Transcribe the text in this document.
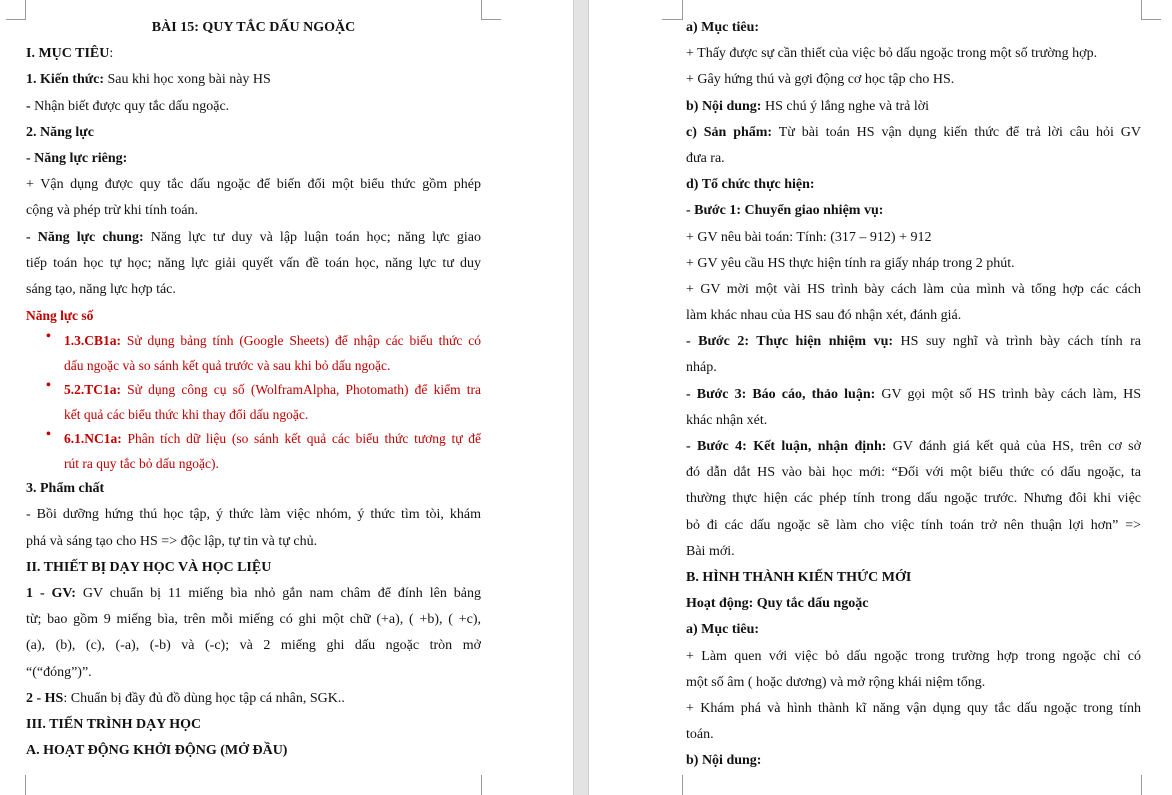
BÀI 15: QUY TẮC DẤU NGOẶC
I. MỤC TIÊU:
1. Kiến thức: Sau khi học xong bài này HS
- Nhận biết được quy tắc dấu ngoặc.
2. Năng lực
- Năng lực riêng:
+ Vận dụng được quy tắc dấu ngoặc để biến đổi một biểu thức gồm phép
cộng và phép trừ khi tính toán.
- Năng lực chung: Năng lực tư duy và lập luận toán học; năng lực giao
tiếp toán học tự học; năng lực giải quyết vấn đề toán học, năng lực tư duy
sáng tạo, năng lực hợp tác.
Năng lực số
• 1.3.CB1a: Sử dụng bảng tính (Google Sheets) để nhập các biểu thức có
dấu ngoặc và so sánh kết quả trước và sau khi bỏ dấu ngoặc.
• 5.2.TC1a: Sử dụng công cụ số (WolframAlpha, Photomath) để kiểm tra
kết quả các biểu thức khi thay đổi dấu ngoặc.
• 6.1.NC1a: Phân tích dữ liệu (so sánh kết quả các biểu thức tương tự để
rút ra quy tắc bỏ dấu ngoặc).
3. Phẩm chất
- Bồi dưỡng hứng thú học tập, ý thức làm việc nhóm, ý thức tìm tòi, khám
phá và sáng tạo cho HS => độc lập, tự tin và tự chủ.
II. THIẾT BỊ DẠY HỌC VÀ HỌC LIỆU
1 - GV: GV chuẩn bị 11 miếng bìa nhỏ gắn nam châm để đính lên bảng
từ; bao gồm 9 miếng bìa, trên mỗi miếng có ghi một chữ (+a), ( +b), ( +c),
(a), (b), (c), (-a), (-b) và (-c); và 2 miếng ghi dấu ngoặc tròn mở
“(“đóng”)”.
2 - HS: Chuẩn bị đầy đủ đồ dùng học tập cá nhân, SGK..
III. TIẾN TRÌNH DẠY HỌC
A. HOẠT ĐỘNG KHỞI ĐỘNG (MỞ ĐẦU)
a) Mục tiêu:
+ Thấy được sự cần thiết của việc bỏ dấu ngoặc trong một số trường hợp.
+ Gây hứng thú và gợi động cơ học tập cho HS.
b) Nội dung: HS chú ý lắng nghe và trả lời
c) Sản phẩm: Từ bài toán HS vận dụng kiến thức để trả lời câu hỏi GV
đưa ra.
d) Tổ chức thực hiện:
- Bước 1: Chuyển giao nhiệm vụ:
+ GV nêu bài toán: Tính: (317 – 912) + 912
+ GV yêu cầu HS thực hiện tính ra giấy nháp trong 2 phút.
+ GV mời một vài HS trình bày cách làm của mình và tổng hợp các cách
làm khác nhau của HS sau đó nhận xét, đánh giá.
- Bước 2: Thực hiện nhiệm vụ: HS suy nghĩ và trình bày cách tính ra
nháp.
- Bước 3: Báo cáo, thảo luận: GV gọi một số HS trình bày cách làm, HS
khác nhận xét.
- Bước 4: Kết luận, nhận định: GV đánh giá kết quả của HS, trên cơ sở
đó dẫn dắt HS vào bài học mới: “Đối với một biểu thức có dấu ngoặc, ta
thường thực hiện các phép tính trong dấu ngoặc trước. Nhưng đôi khi việc
bỏ đi các dấu ngoặc sẽ làm cho việc tính toán trở nên thuận lợi hơn” =>
Bài mới.
B. HÌNH THÀNH KIẾN THỨC MỚI
Hoạt động: Quy tắc dấu ngoặc
a) Mục tiêu:
+ Làm quen với việc bỏ dấu ngoặc trong trường hợp trong ngoặc chỉ có
một số âm ( hoặc dương) và mở rộng khái niệm tổng.
+ Khám phá và hình thành kĩ năng vận dụng quy tắc dấu ngoặc trong tính
toán.
b) Nội dung:
